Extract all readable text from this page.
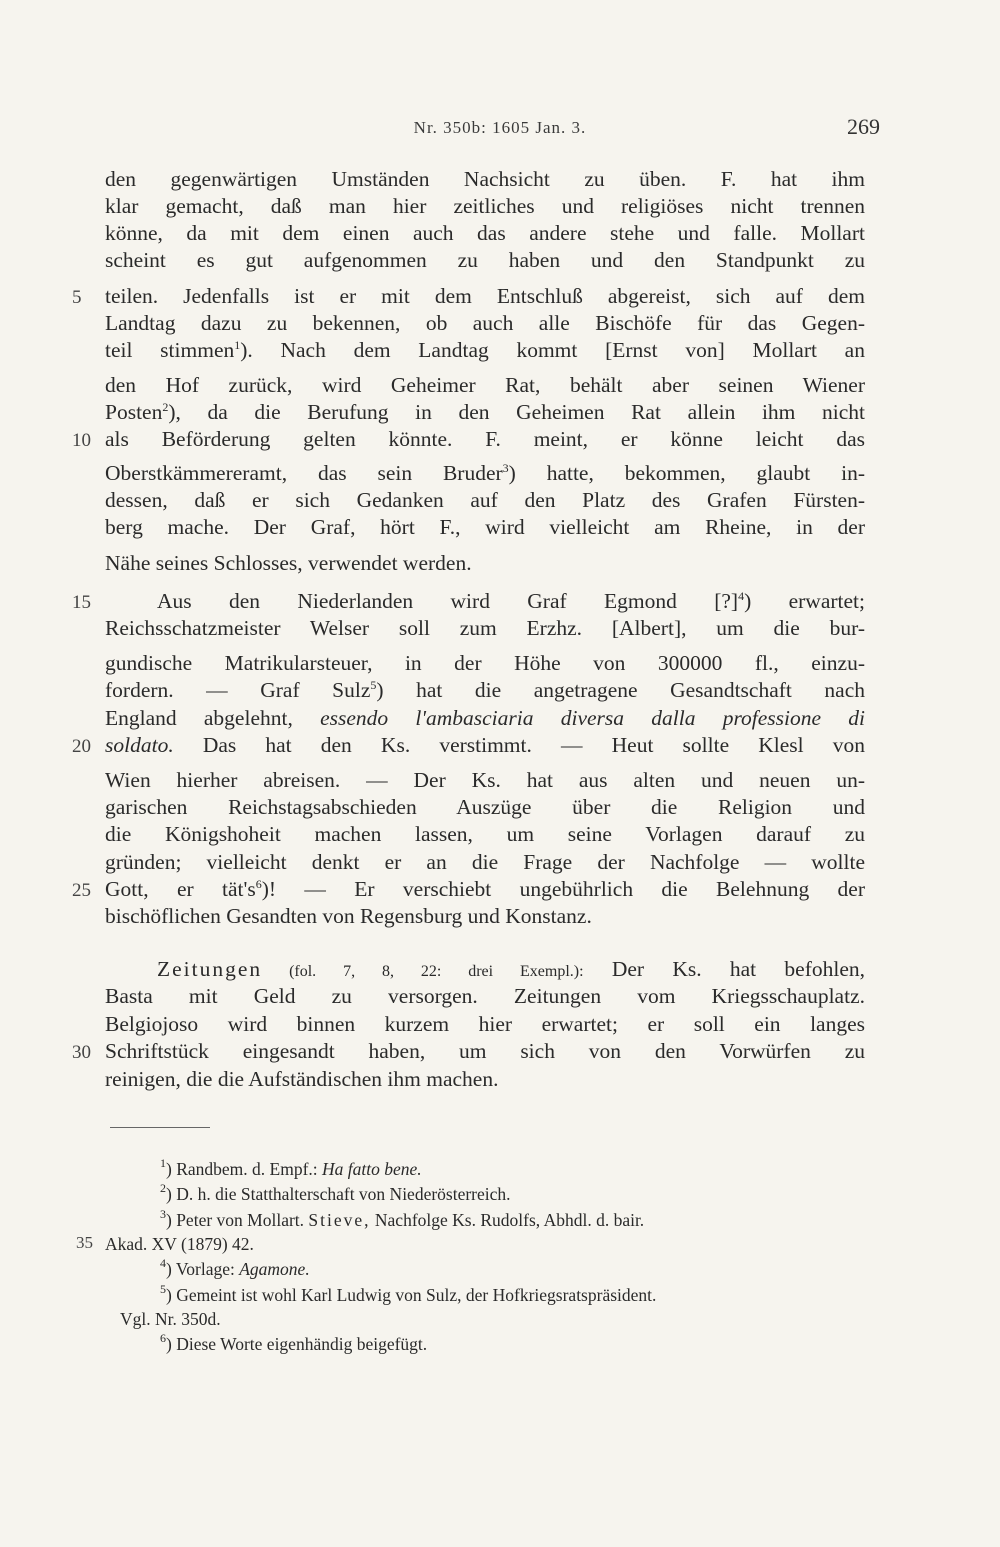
Nr. 350b: 1605 Jan. 3.	269
5
10
15
20
25
30
35
den gegenwärtigen Umständen Nachsicht zu üben. F. hat ihm
klar gemacht, daß man hier zeitliches und religiöses nicht trennen
könne, da mit dem einen auch das andere stehe und falle. Mollart
scheint es gut aufgenommen zu haben und den Standpunkt zu
teilen. Jedenfalls ist er mit dem Entschluß abgereist, sich auf dem
Landtag dazu zu bekennen, ob auch alle Bischöfe für das Gegen-
teil stimmen$^1$). Nach dem Landtag kommt [Ernst von] Mollart an
den Hof zurück, wird Geheimer Rat, behält aber seinen Wiener
Posten$^2$), da die Berufung in den Geheimen Rat allein ihm nicht
als Beförderung gelten könnte. F. meint, er könne leicht das
Oberstkämmereramt, das sein Bruder$^3$) hatte, bekommen, glaubt in-
dessen, daß er sich Gedanken auf den Platz des Grafen Fürsten-
berg mache. Der Graf, hört F., wird vielleicht am Rheine, in der
Nähe seines Schlosses, verwendet werden.
Aus den Niederlanden wird Graf Egmond [?]$^4$) erwartet;
Reichsschatzmeister Welser soll zum Erzhz. [Albert], um die bur-
gundische Matrikularsteuer, in der Höhe von 300000 fl., einzu-
fordern. — Graf Sulz$^5$) hat die angetragene Gesandtschaft nach
England abgelehnt, essendo l'ambasciaria diversa dalla professione di
soldato. Das hat den Ks. verstimmt. — Heut sollte Klesl von
Wien hierher abreisen. — Der Ks. hat aus alten und neuen un-
garischen Reichstagsabschieden Auszüge über die Religion und
die Königshoheit machen lassen, um seine Vorlagen darauf zu
gründen; vielleicht denkt er an die Frage der Nachfolge — wollte
Gott, er $tät's^6$)! — Er verschiebt ungebührlich die Belehnung der
bischöflichen Gesandten von Regensburg und Konstanz.
Zeitungen (fol. 7, 8, 22: drei Exempl.): Der Ks. hat befohlen,
Basta mit Geld zu versorgen. Zeitungen vom Kriegsschauplatz.
Belgiojoso wird binnen kurzem hier erwartet; er soll ein langes
Schriftstück eingesandt haben, um sich von den Vorwürfen zu
reinigen, die die Aufständischen ihm machen.
$^1$) Randbem. d. Empf.: Ha fatto bene.
$^2$) D. h. die Statthalterschaft von Niederösterreich.
$^3$) Peter von Mollart. Stieve, Nachfolge Ks. Rudolfs, Abhdl. d. bair.
Akad. XV (1879) 42.
$^4$) Vorlage: Agamone.
$^5$) Gemeint ist wohl Karl Ludwig von Sulz, der Hofkriegsratspräsident.
Vgl. Nr. 350d.
$^6$) Diese Worte eigenhändig beigefügt.
